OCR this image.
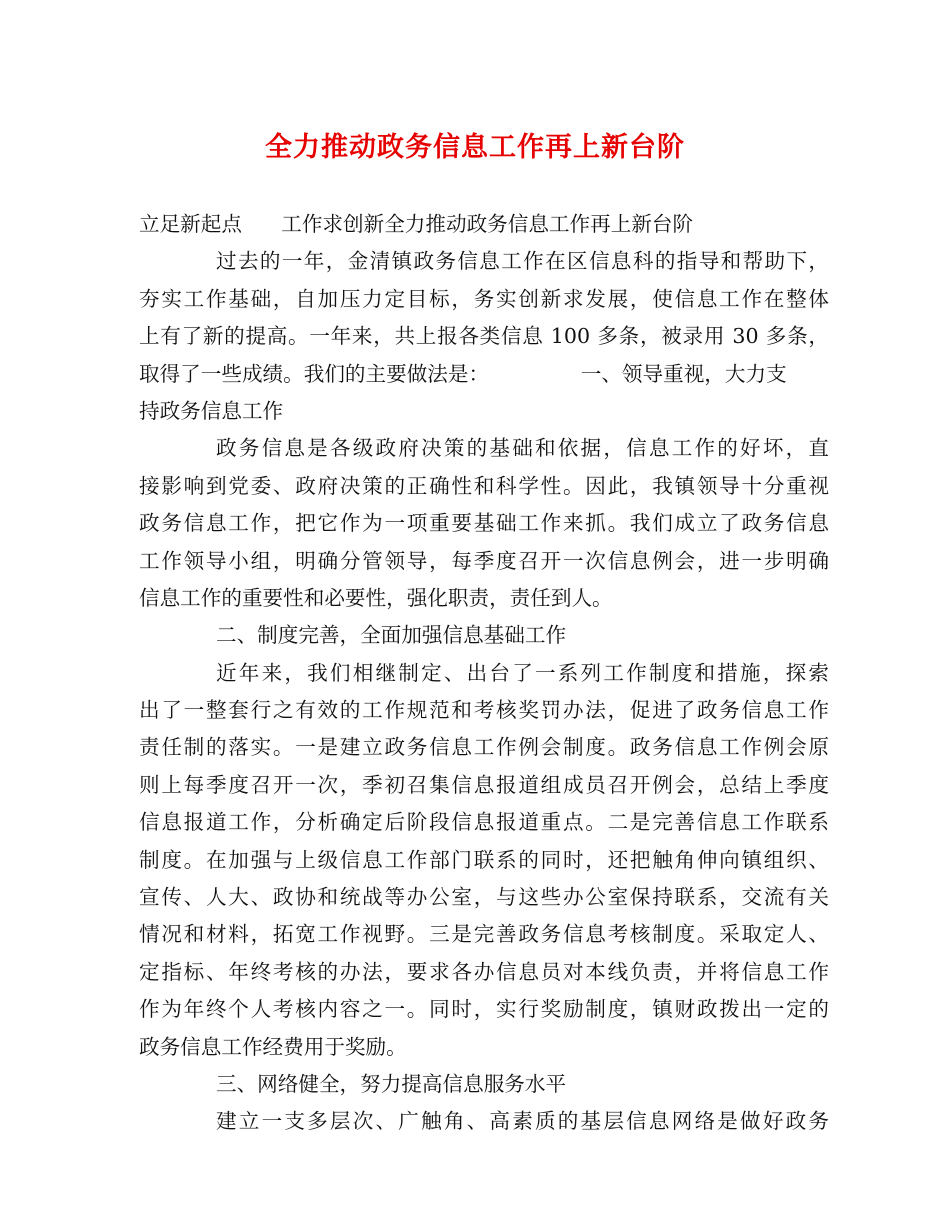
全力推动政务信息工作再上新台阶
立足新起点      工作求创新全力推动政务信息工作再上新台阶
过去的一年，金清镇政务信息工作在区信息科的指导和帮助下，
夯实工作基础，自加压力定目标，务实创新求发展，使信息工作在整体
上有了新的提高。一年来，共上报各类信息 100 多条，被录用 30 多条，
取得了一些成绩。我们的主要做法是：              一、领导重视，大力支
持政务信息工作
政务信息是各级政府决策的基础和依据，信息工作的好坏，直
接影响到党委、政府决策的正确性和科学性。因此，我镇领导十分重视
政务信息工作，把它作为一项重要基础工作来抓。我们成立了政务信息
工作领导小组，明确分管领导，每季度召开一次信息例会，进一步明确
信息工作的重要性和必要性，强化职责，责任到人。
二、制度完善，全面加强信息基础工作
近年来，我们相继制定、出台了一系列工作制度和措施，探索
出了一整套行之有效的工作规范和考核奖罚办法，促进了政务信息工作
责任制的落实。一是建立政务信息工作例会制度。政务信息工作例会原
则上每季度召开一次，季初召集信息报道组成员召开例会，总结上季度
信息报道工作，分析确定后阶段信息报道重点。二是完善信息工作联系
制度。在加强与上级信息工作部门联系的同时，还把触角伸向镇组织、
宣传、人大、政协和统战等办公室，与这些办公室保持联系，交流有关
情况和材料，拓宽工作视野。三是完善政务信息考核制度。采取定人、
定指标、年终考核的办法，要求各办信息员对本线负责，并将信息工作
作为年终个人考核内容之一。同时，实行奖励制度，镇财政拨出一定的
政务信息工作经费用于奖励。
三、网络健全，努力提高信息服务水平
建立一支多层次、广触角、高素质的基层信息网络是做好政务
